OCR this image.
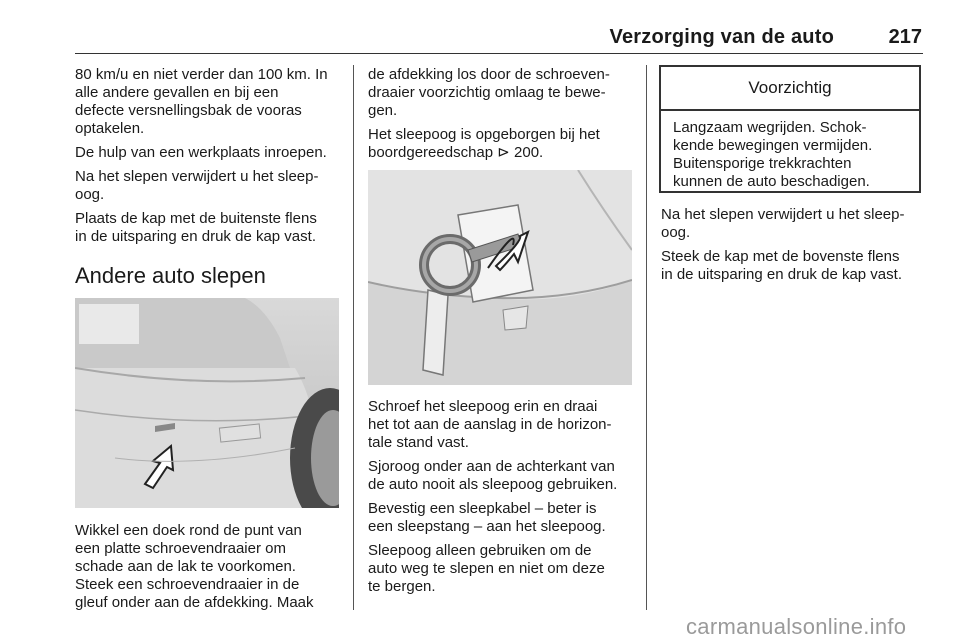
Verzorging van de auto	217

80 km/u en niet verder dan 100 km. In
alle andere gevallen en bij een
defecte versnellingsbak de vooras
optakelen.

De hulp van een werkplaats inroepen.

Na het slepen verwijdert u het sleep-
oog.

Plaats de kap met de buitenste flens
in de uitsparing en druk de kap vast.

Andere auto slepen

Wikkel een doek rond de punt van
een platte schroevendraaier om
schade aan de lak te voorkomen.
Steek een schroevendraaier in de
gleuf onder aan de afdekking. Maak

de afdekking los door de schroeven-
draaier voorzichtig omlaag te bewe-
gen.

Het sleepoog is opgeborgen bij het
boordgereedschap ⊳ 200.

Schroef het sleepoog erin en draai
het tot aan de aanslag in de horizon-
tale stand vast.

Sjoroog onder aan de achterkant van
de auto nooit als sleepoog gebruiken.

Bevestig een sleepkabel – beter is
een sleepstang – aan het sleepoog.

Sleepoog alleen gebruiken om de
auto weg te slepen en niet om deze
te bergen.

Voorzichtig
Langzaam wegrijden. Schok-
kende bewegingen vermijden.
Buitensporige trekkrachten
kunnen de auto beschadigen.

Na het slepen verwijdert u het sleep-
oog.

Steek de kap met de bovenste flens
in de uitsparing en druk de kap vast.

carmanualsonline.info
